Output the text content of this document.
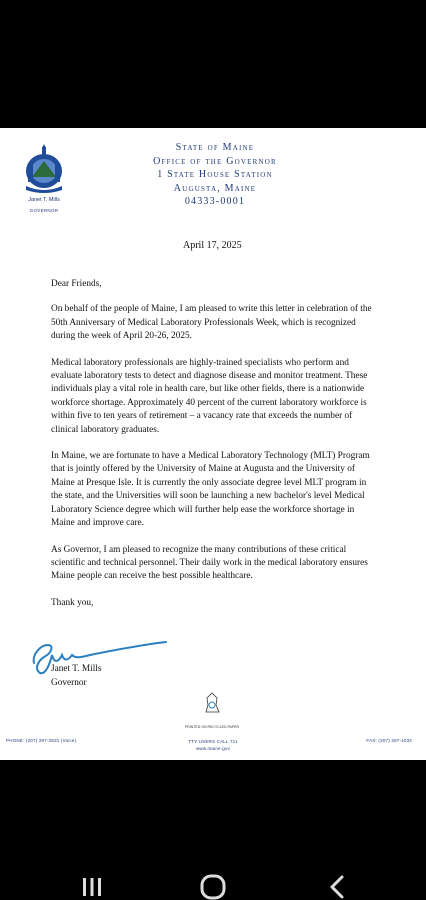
Janet T. Mills
GOVERNOR
State of Maine
Office of the Governor
1 State House Station
Augusta, Maine
04333-0001
April 17, 2025

Dear Friends,

On behalf of the people of Maine, I am pleased to write this letter in celebration of the 50th Anniversary of Medical Laboratory Professionals Week, which is recognized during the week of April 20-26, 2025.

Medical laboratory professionals are highly-trained specialists who perform and evaluate laboratory tests to detect and diagnose disease and monitor treatment. These individuals play a vital role in health care, but like other fields, there is a nationwide workforce shortage. Approximately 40 percent of the current laboratory workforce is within five to ten years of retirement – a vacancy rate that exceeds the number of clinical laboratory graduates.

In Maine, we are fortunate to have a Medical Laboratory Technology (MLT) Program that is jointly offered by the University of Maine at Augusta and the University of Maine at Presque Isle. It is currently the only associate degree level MLT program in the state, and the Universities will soon be launching a new bachelor's level Medical Laboratory Science degree which will further help ease the workforce shortage in Maine and improve care.

As Governor, I am pleased to recognize the many contributions of these critical scientific and technical personnel. Their daily work in the medical laboratory ensures Maine people can receive the best possible healthcare.

Thank you,

Janet T. Mills
Governor
PRINTED ON RECYCLED PAPER
PHONE: (207) 287-3531 (Voice)	TTY USERS CALL 711
www.maine.gov
FAX: (207) 287-1034
